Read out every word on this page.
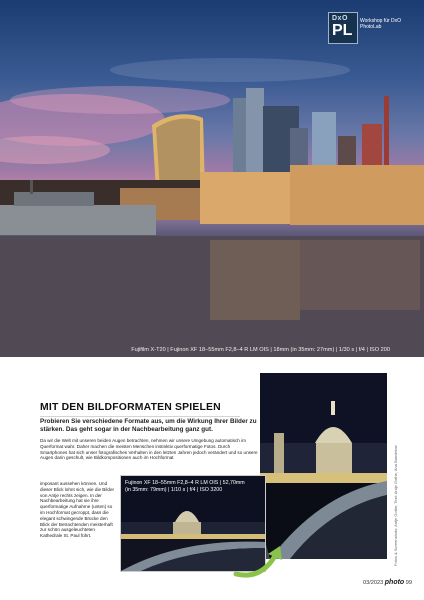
DxO
PL
Workshop für DxO PhotoLab
Fujifilm X-T20 | Fujinon XF 18–55mm F2,8–4 R LM OIS | 18mm (in 35mm: 27mm) | 1/30 s | f/4 | ISO 200
MIT DEN BILDFORMATEN SPIELEN
Probieren Sie verschiedene Formate aus, um die Wirkung Ihrer Bilder zu stärken. Das geht sogar in der Nachbearbeitung ganz gut.
Da wir die Welt mit unseren beiden Augen betrachten, nehmen wir unsere Umgebung automatisch im Querformat wahr. Daher machen die meisten Menschen instinktiv querformatige Fotos. Durch Smartphones hat sich unser fotografisches Verhalten in den letzten Jahren jedoch verändert und so unsere Augen darin geschult, wie Bildkompositionen auch im Hochformat
imposant aussehen können. Und dieser Blick lohnt sich, wie die Bilder von Antje rechts zeigen. In der Nachbearbeitung hat sie ihre querformatige Aufnahme (unten) so im Hochformat gecroppt, dass die elegant schwingende Brücke den Blick der Betrachtenden meisterhaft zur schön ausgeleuchteten Kathedrale St. Paul führt.
Fujinon XF 18–55mm F2,8–4 R LM OIS | 52,70mm
(in 35mm: 79mm) | 1/10 s | f/4 | ISO 3200	Fotos & Screenshots: Antje Gothe, Text: Antje Gothe, Ana Bandelow
03/2023 photo 99
